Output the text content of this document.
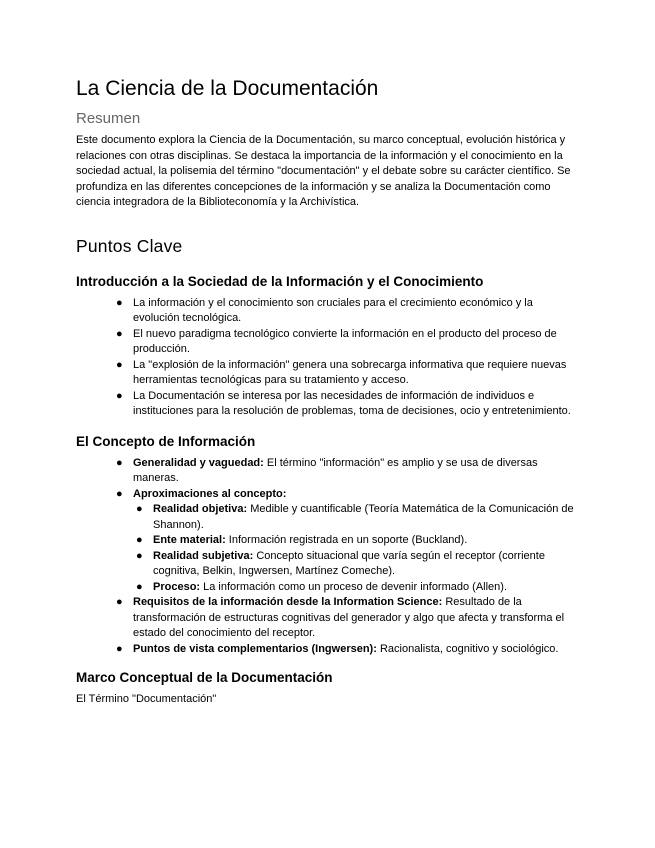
La Ciencia de la Documentación
Resumen

Este documento explora la Ciencia de la Documentación, su marco conceptual, evolución histórica y relaciones con otras disciplinas. Se destaca la importancia de la información y el conocimiento en la sociedad actual, la polisemia del término "documentación" y el debate sobre su carácter científico. Se profundiza en las diferentes concepciones de la información y se analiza la Documentación como ciencia integradora de la Biblioteconomía y la Archivística.

Puntos Clave
Introducción a la Sociedad de la Información y el Conocimiento
● La información y el conocimiento son cruciales para el crecimiento económico y la evolución tecnológica.
● El nuevo paradigma tecnológico convierte la información en el producto del proceso de producción.
● La "explosión de la información" genera una sobrecarga informativa que requiere nuevas herramientas tecnológicas para su tratamiento y acceso.
● La Documentación se interesa por las necesidades de información de individuos e instituciones para la resolución de problemas, toma de decisiones, ocio y entretenimiento.
El Concepto de Información
● Generalidad y vaguedad: El término "información" es amplio y se usa de diversas maneras.
● Aproximaciones al concepto:
● Realidad objetiva: Medible y cuantificable (Teoría Matemática de la Comunicación de Shannon).
● Ente material: Información registrada en un soporte (Buckland).
● Realidad subjetiva: Concepto situacional que varía según el receptor (corriente cognitiva, Belkin, Ingwersen, Martínez Comeche).
● Proceso: La información como un proceso de devenir informado (Allen).
● Requisitos de la información desde la Information Science: Resultado de la transformación de estructuras cognitivas del generador y algo que afecta y transforma el estado del conocimiento del receptor.
● Puntos de vista complementarios (Ingwersen): Racionalista, cognitivo y sociológico.
Marco Conceptual de la Documentación

El Término "Documentación"
